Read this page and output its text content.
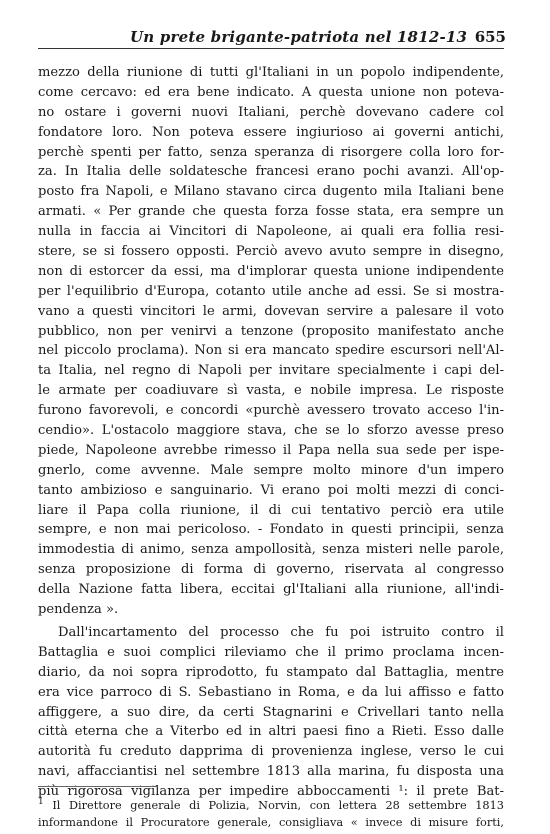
Un prete brigante-patriota nel 1812-13 655
mezzo della riunione di tutti gl'Italiani in un popolo indipendente,
come cercavo: ed era bene indicato. A questa unione non poteva-
no ostare i governi nuovi Italiani, perchè dovevano cadere col
fondatore loro. Non poteva essere ingiurioso ai governi antichi,
perchè spenti per fatto, senza speranza di risorgere colla loro for-
za. In Italia delle soldatesche francesi erano pochi avanzi. All'op-
posto fra Napoli, e Milano stavano circa dugento mila Italiani bene
armati. « Per grande che questa forza fosse stata, era sempre un
nulla in faccia ai Vincitori di Napoleone, ai quali era follia resi-
stere, se si fossero opposti. Perciò avevo avuto sempre in disegno,
non di estorcer da essi, ma d'implorar questa unione indipendente
per l'equilibrio d'Europa, cotanto utile anche ad essi. Se si mostra-
vano a questi vincitori le armi, dovevan servire a palesare il voto
pubblico, non per venirvi a tenzone (proposito manifestato anche
nel piccolo proclama). Non si era mancato spedire escursori nell'Al-
ta Italia, nel regno di Napoli per invitare specialmente i capi del-
le armate per coadiuvare sì vasta, e nobile impresa. Le risposte
furono favorevoli, e concordi «purchè avessero trovato acceso l'in-
cendio». L'ostacolo maggiore stava, che se lo sforzo avesse preso
piede, Napoleone avrebbe rimesso il Papa nella sua sede per ispe-
gnerlo, come avvenne. Male sempre molto minore d'un impero
tanto ambizioso e sanguinario. Vi erano poi molti mezzi di conci-
liare il Papa colla riunione, il di cui tentativo perciò era utile
sempre, e non mai pericoloso. - Fondato in questi principii, senza
immodestia di animo, senza ampollosità, senza misteri nelle parole,
senza proposizione di forma di governo, riservata al congresso
della Nazione fatta libera, eccitai gl'Italiani alla riunione, all'indi-
pendenza ».
Dall'incartamento del processo che fu poi istruito contro il
Battaglia e suoi complici rileviamo che il primo proclama incen-
diario, da noi sopra riprodotto, fu stampato dal Battaglia, mentre
era vice parroco di S. Sebastiano in Roma, e da lui affisso e fatto
affiggere, a suo dire, da certi Stagnarini e Crivellari tanto nella
città eterna che a Viterbo ed in altri paesi fino a Rieti. Esso dalle
autorità fu creduto dapprima di provenienza inglese, verso le cui
navi, affacciantisi nel settembre 1813 alla marina, fu disposta una
più rigorosa vigilanza per impedire abboccamenti ¹: il prete Bat-
$^1$ Il Direttore generale di Polizia, Norvin, con lettera 28 settembre 1813
informandone il Procuratore generale, consigliava « invece di misure forti,
